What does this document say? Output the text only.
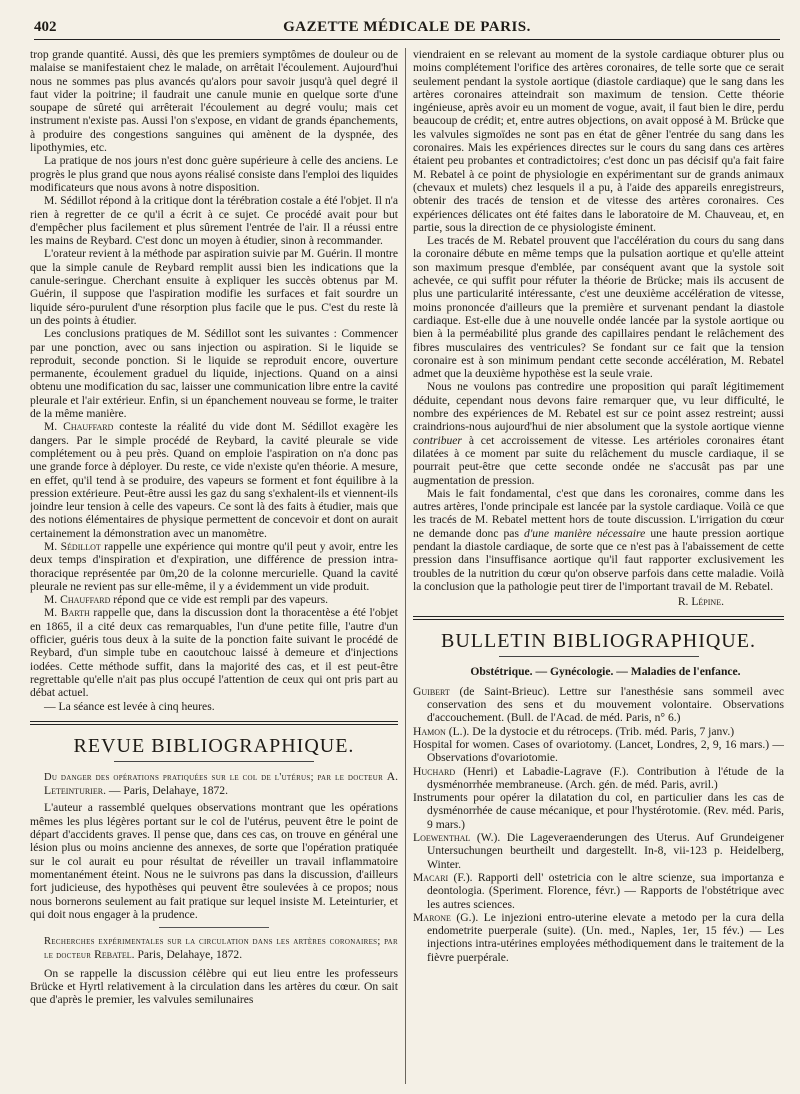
402	GAZETTE MÉDICALE DE PARIS.

trop grande quantité. Aussi, dès que les premiers symptômes de douleur ou de malaise se manifestaient chez le malade, on arrêtait l'écoulement. Aujourd'hui nous ne sommes pas plus avancés qu'alors pour savoir jusqu'à quel degré il faut vider la poitrine; il faudrait une canule munie en quelque sorte d'une soupape de sûreté qui arrêterait l'écoulement au degré voulu; mais cet instrument n'existe pas. Aussi l'on s'expose, en vidant de grands épanchements, à produire des congestions sanguines qui amènent de la dyspnée, des lipothymies, etc.

La pratique de nos jours n'est donc guère supérieure à celle des anciens. Le progrès le plus grand que nous ayons réalisé consiste dans l'emploi des liquides modificateurs que nous avons à notre disposition.

M. Sédillot répond à la critique dont la térébration costale a été l'objet. Il n'a rien à regretter de ce qu'il a écrit à ce sujet. Ce procédé avait pour but d'empêcher plus facilement et plus sûrement l'entrée de l'air. Il a réussi entre les mains de Reybard. C'est donc un moyen à étudier, sinon à recommander.

L'orateur revient à la méthode par aspiration suivie par M. Guérin. Il montre que la simple canule de Reybard remplit aussi bien les indications que la canule-seringue. Cherchant ensuite à expliquer les succès obtenus par M. Guérin, il suppose que l'aspiration modifie les surfaces et fait sourdre un liquide séro-purulent d'une résorption plus facile que le pus. C'est du reste là un des points à étudier.

Les conclusions pratiques de M. Sédillot sont les suivantes : Commencer par une ponction, avec ou sans injection ou aspiration. Si le liquide se reproduit, seconde ponction. Si le liquide se reproduit encore, ouverture permanente, écoulement graduel du liquide, injections. Quand on a ainsi obtenu une modification du sac, laisser une communication libre entre la cavité pleurale et l'air extérieur. Enfin, si un épanchement nouveau se forme, le traiter de la même manière.

M. Chauffard conteste la réalité du vide dont M. Sédillot exagère les dangers. Par le simple procédé de Reybard, la cavité pleurale se vide complétement ou à peu près. Quand on emploie l'aspiration on n'a donc pas une grande force à déployer. Du reste, ce vide n'existe qu'en théorie. A mesure, en effet, qu'il tend à se produire, des vapeurs se forment et font équilibre à la pression extérieure. Peut-être aussi les gaz du sang s'exhalent-ils et viennent-ils joindre leur tension à celle des vapeurs. Ce sont là des faits à étudier, mais que des notions élémentaires de physique permettent de concevoir et dont on aurait certainement la démonstration avec un manomètre.

M. Sédillot rappelle une expérience qui montre qu'il peut y avoir, entre les deux temps d'inspiration et d'expiration, une différence de pression intra-thoracique représentée par 0m,20 de la colonne mercurielle. Quand la cavité pleurale ne revient pas sur elle-même, il y a évidemment un vide produit.

M. Chauffard répond que ce vide est rempli par des vapeurs.

M. Barth rappelle que, dans la discussion dont la thoracentèse a été l'objet en 1865, il a cité deux cas remarquables, l'un d'une petite fille, l'autre d'un officier, guéris tous deux à la suite de la ponction faite suivant le procédé de Reybard, d'un simple tube en caoutchouc laissé à demeure et d'injections iodées. Cette méthode suffit, dans la majorité des cas, et il est peut-être regrettable qu'elle n'ait pas plus occupé l'attention de ceux qui ont pris part au débat actuel.

— La séance est levée à cinq heures.

REVUE BIBLIOGRAPHIQUE.

Du danger des opérations pratiquées sur le col de l'utérus; par le docteur A. Leteinturier. — Paris, Delahaye, 1872.

L'auteur a rassemblé quelques observations montrant que les opérations mêmes les plus légères portant sur le col de l'utérus, peuvent être le point de départ d'accidents graves. Il pense que, dans ces cas, on trouve en général une lésion plus ou moins ancienne des annexes, de sorte que l'opération pratiquée sur le col aurait eu pour résultat de réveiller un travail inflammatoire momentanément éteint. Nous ne le suivrons pas dans la discussion, d'ailleurs fort judicieuse, des hypothèses qui peuvent être soulevées à ce propos; nous nous bornerons seulement au fait pratique sur lequel insiste M. Leteinturier, et qui doit nous engager à la prudence.

Recherches expérimentales sur la circulation dans les artères coronaires; par le docteur Rebatel. Paris, Delahaye, 1872.

On se rappelle la discussion célèbre qui eut lieu entre les professeurs Brücke et Hyrtl relativement à la circulation dans les artères du cœur. On sait que d'après le premier, les valvules semilunaires

viendraient en se relevant au moment de la systole cardiaque obturer plus ou moins complétement l'orifice des artères coronaires, de telle sorte que ce serait seulement pendant la systole aortique (diastole cardiaque) que le sang dans les artères coronaires atteindrait son maximum de tension. Cette théorie ingénieuse, après avoir eu un moment de vogue, avait, il faut bien le dire, perdu beaucoup de crédit; et, entre autres objections, on avait opposé à M. Brücke que les valvules sigmoïdes ne sont pas en état de gêner l'entrée du sang dans les coronaires. Mais les expériences directes sur le cours du sang dans ces artères étaient peu probantes et contradictoires; c'est donc un pas décisif qu'a fait faire M. Rebatel à ce point de physiologie en expérimentant sur de grands animaux (chevaux et mulets) chez lesquels il a pu, à l'aide des appareils enregistreurs, obtenir des tracés de tension et de vitesse des artères coronaires. Ces expériences délicates ont été faites dans le laboratoire de M. Chauveau, et, en partie, sous la direction de ce physiologiste éminent.

Les tracés de M. Rebatel prouvent que l'accélération du cours du sang dans la coronaire débute en même temps que la pulsation aortique et qu'elle atteint son maximum presque d'emblée, par conséquent avant que la systole soit achevée, ce qui suffit pour réfuter la théorie de Brücke; mais ils accusent de plus une particularité intéressante, c'est une deuxième accélération de vitesse, moins prononcée d'ailleurs que la première et survenant pendant la diastole cardiaque. Est-elle due à une nouvelle ondée lancée par la systole aortique ou bien à la perméabilité plus grande des capillaires pendant le relâchement des fibres musculaires des ventricules? Se fondant sur ce fait que la tension coronaire est à son minimum pendant cette seconde accélération, M. Rebatel admet que la deuxième hypothèse est la seule vraie.

Nous ne voulons pas contredire une proposition qui paraît légitimement déduite, cependant nous devons faire remarquer que, vu leur difficulté, le nombre des expériences de M. Rebatel est sur ce point assez restreint; aussi craindrions-nous aujourd'hui de nier absolument que la systole aortique vienne contribuer à cet accroissement de vitesse. Les artérioles coronaires étant dilatées à ce moment par suite du relâchement du muscle cardiaque, il se pourrait peut-être que cette seconde ondée ne s'accusât pas par une augmentation de pression.

Mais le fait fondamental, c'est que dans les coronaires, comme dans les autres artères, l'onde principale est lancée par la systole cardiaque. Voilà ce que les tracés de M. Rebatel mettent hors de toute discussion. L'irrigation du cœur ne demande donc pas d'une manière nécessaire une haute pression aortique pendant la diastole cardiaque, de sorte que ce n'est pas à l'abaissement de cette pression dans l'insuffisance aortique qu'il faut rapporter exclusivement les troubles de la nutrition du cœur qu'on observe parfois dans cette maladie. Voilà la conclusion que la pathologie peut tirer de l'important travail de M. Rebatel.

R. Lépine.

BULLETIN BIBLIOGRAPHIQUE.

Obstétrique. — Gynécologie. — Maladies de l'enfance.

Guibert (de Saint-Brieuc). Lettre sur l'anesthésie sans sommeil avec conservation des sens et du mouvement volontaire. Observations d'accouchement. (Bull. de l'Acad. de méd. Paris, n° 6.)

Hamon (L.). De la dystocie et du rétroceps. (Trib. méd. Paris, 7 janv.)

Hospital for women. Cases of ovariotomy. (Lancet, Londres, 2, 9, 16 mars.) — Observations d'ovariotomie.

Huchard (Henri) et Labadie-Lagrave (F.). Contribution à l'étude de la dysménorrhée membraneuse. (Arch. gén. de méd. Paris, avril.)

Instruments pour opérer la dilatation du col, en particulier dans les cas de dysménorrhée de cause mécanique, et pour l'hystérotomie. (Rev. méd. Paris, 9 mars.)

Loewenthal (W.). Die Lageveraenderungen des Uterus. Auf Grundeigener Untersuchungen beurtheilt und dargestellt. In-8, vii-123 p. Heidelberg, Winter.

Macari (F.). Rapporti dell' ostetricia con le altre scienze, sua importanza e deontologia. (Speriment. Florence, févr.) — Rapports de l'obstétrique avec les autres sciences.

Marone (G.). Le injezioni entro-uterine elevate a metodo per la cura della endometrite puerperale (suite). (Un. med., Naples, 1er, 15 fév.) — Les injections intra-utérines employées méthodiquement dans le traitement de la fièvre puerpérale.
